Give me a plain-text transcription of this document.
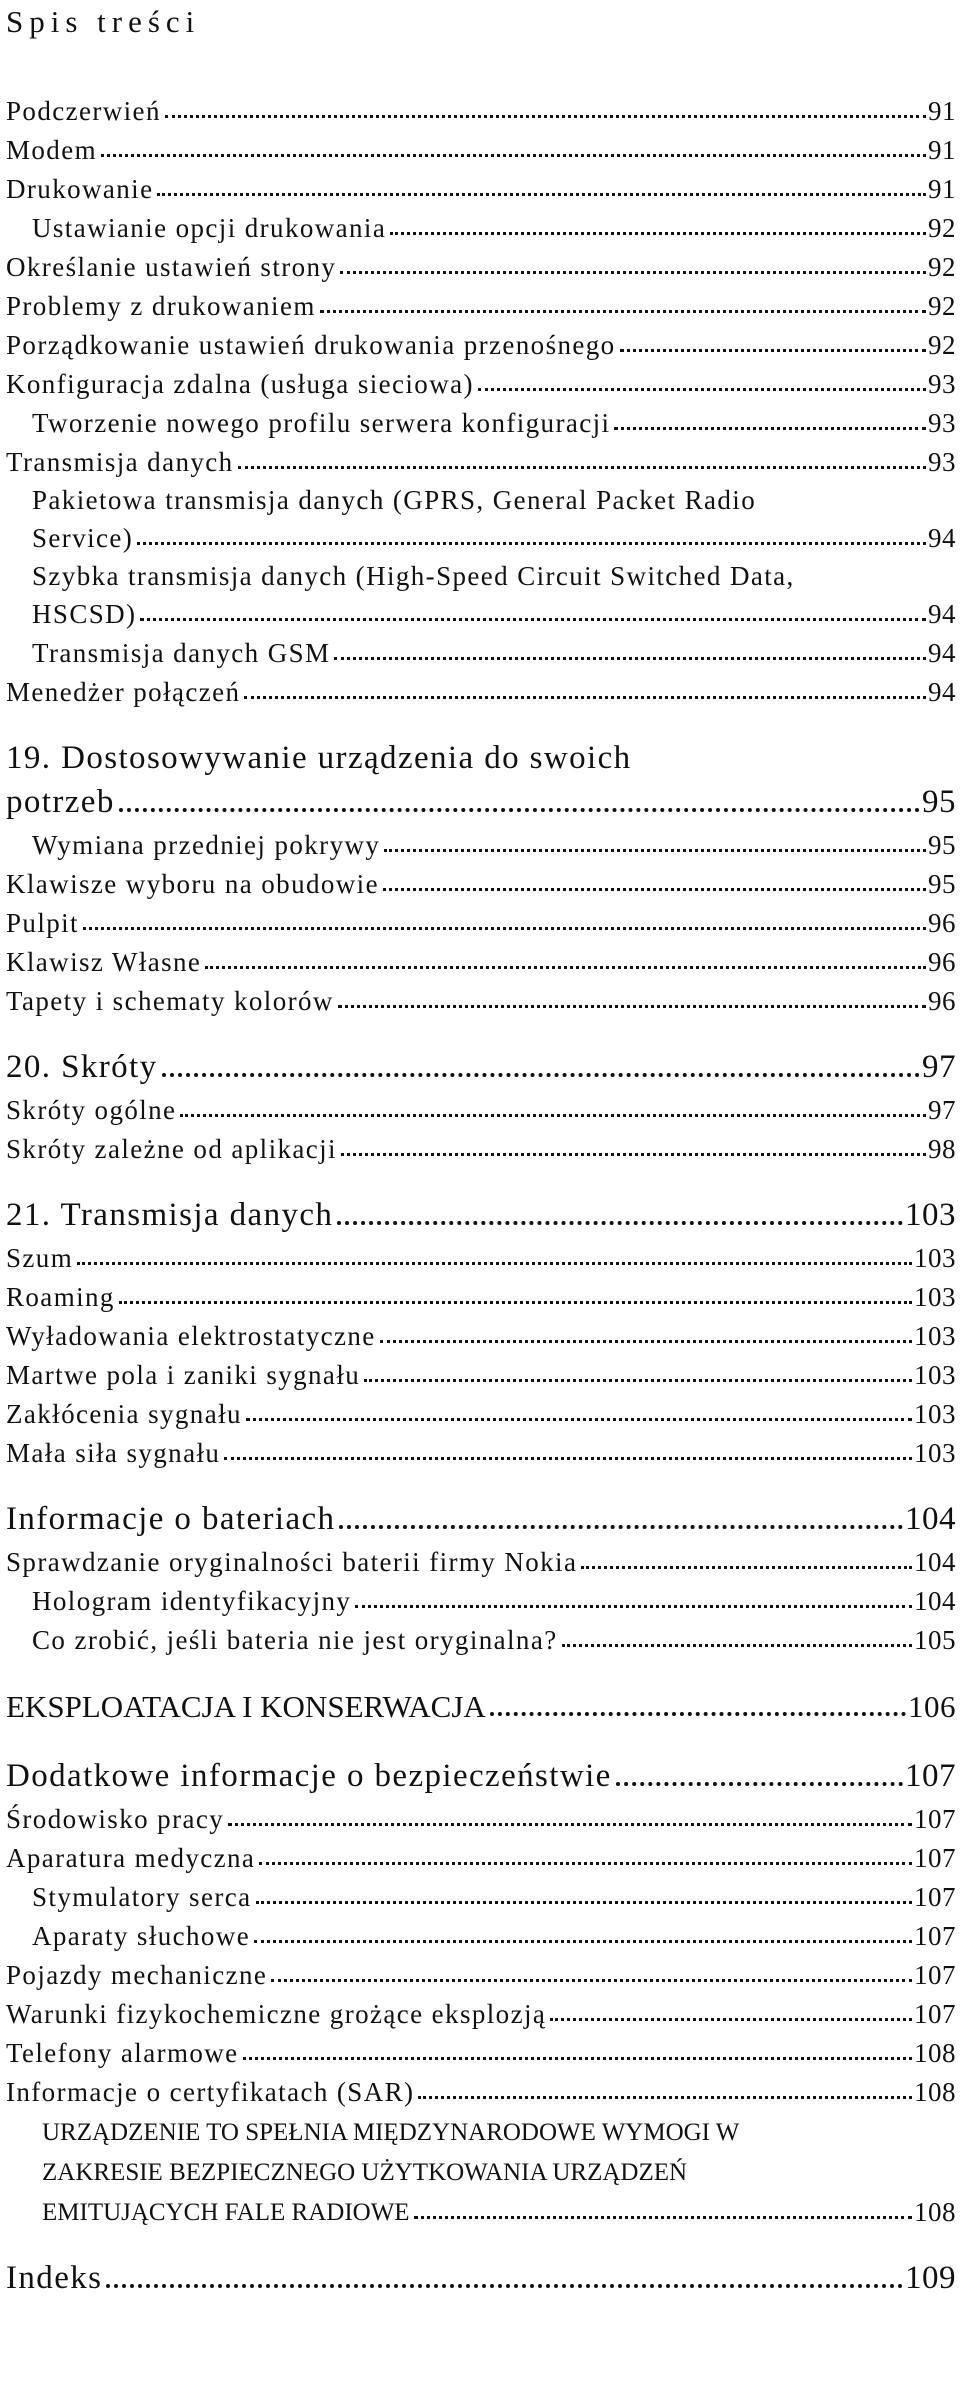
Spis treści
Podczerwień	91
Modem	91
Drukowanie	91
Ustawianie opcji drukowania	92
Określanie ustawień strony	92
Problemy z drukowaniem	92
Porządkowanie ustawień drukowania przenośnego	92
Konfiguracja zdalna (usługa sieciowa)	93
Tworzenie nowego profilu serwera konfiguracji	93
Transmisja danych	93
Pakietowa transmisja danych (GPRS, General Packet Radio
Service)	94
Szybka transmisja danych (High-Speed Circuit Switched Data,
HSCSD)	94
Transmisja danych GSM	94
Menedżer połączeń	94
19. Dostosowywanie urządzenia do swoich
potrzeb	95
Wymiana przedniej pokrywy	95
Klawisze wyboru na obudowie	95
Pulpit	96
Klawisz Własne	96
Tapety i schematy kolorów	96
20. Skróty	97
Skróty ogólne	97
Skróty zależne od aplikacji	98
21. Transmisja danych	103
Szum	103
Roaming	103
Wyładowania elektrostatyczne	103
Martwe pola i zaniki sygnału	103
Zakłócenia sygnału	103
Mała siła sygnału	103
Informacje o bateriach	104
Sprawdzanie oryginalności baterii firmy Nokia	104
Hologram identyfikacyjny	104
Co zrobić, jeśli bateria nie jest oryginalna?	105
EKSPLOATACJA I KONSERWACJA	106
Dodatkowe informacje o bezpieczeństwie	107
Środowisko pracy	107
Aparatura medyczna	107
Stymulatory serca	107
Aparaty słuchowe	107
Pojazdy mechaniczne	107
Warunki fizykochemiczne grożące eksplozją	107
Telefony alarmowe	108
Informacje o certyfikatach (SAR)	108
URZĄDZENIE TO SPEŁNIA MIĘDZYNARODOWE WYMOGI W
ZAKRESIE BEZPIECZNEGO UŻYTKOWANIA URZĄDZEŃ
EMITUJĄCYCH FALE RADIOWE	108
Indeks	109
